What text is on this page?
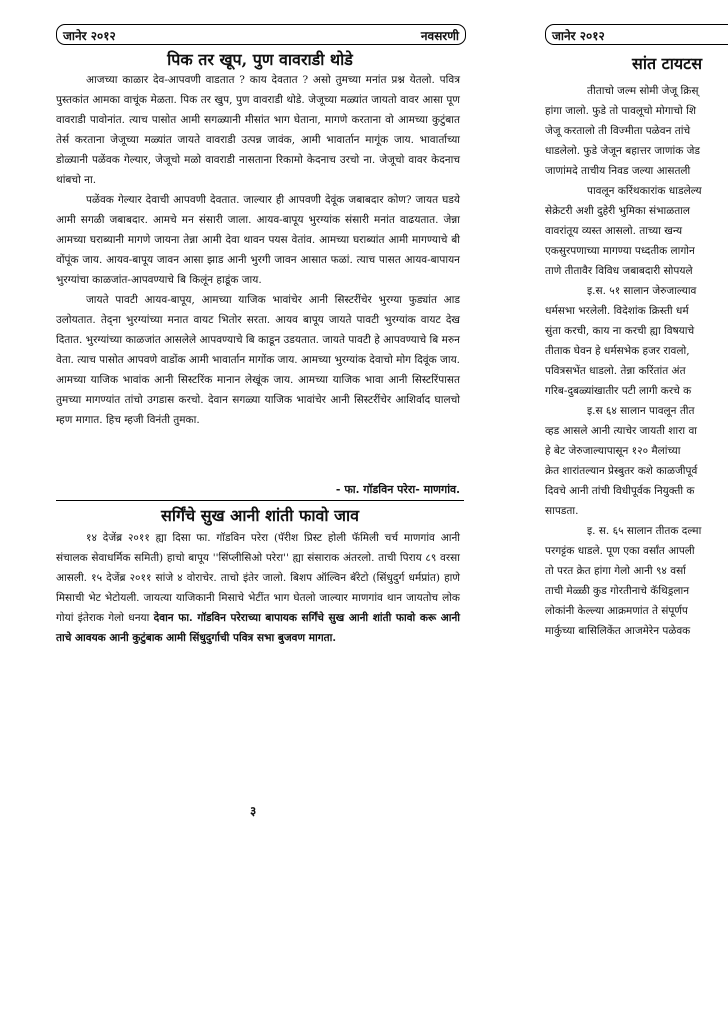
जानेर २०१२	नवसरणी
पिक तर खूप, पुण वावराडी थोडे

आजच्या काळार देव-आपवणी वाडतात ? काय देवतात ? असो तुमच्या मनांत प्रश्न येतलो. पवित्र पुस्तकांत आमका वाचूंक मेळता. पिक तर खुप, पुण वावराडी थोडे. जेजूच्या मळ्यांत जायतो वावर आसा पूण वावराडी पावोनांत. त्याच पासोत आमी सगळ्यानी मीसांत भाग घेताना, मागणे करताना वो आमच्या कुटुंबात तेर्स करताना जेजूच्या मळ्यांत जायते वावराडी उत्पन्न जावंक, आमी भावार्तान मागूंक जाय. भावार्ताच्या डोळ्यानी पळेंवक गेल्यार, जेजूचो मळो वावराडी नासताना रिकामो केदनाच उरचो ना. जेजूचो वावर केदनाच थांबचो ना.

पळेंवक गेल्यार देवाची आपवणी देवतात. जाल्यार ही आपवणी देवूंक जबाबदार कोण? जायत घडये आमी सगळी जबाबदार. आमचे मन संसारी जाला. आयव-बापूय भुरग्यांक संसारी मनांत वाढयतात. जेन्ना आमच्या घराब्यानी मागणे जायना तेन्ना आमी देवा थावन पयस वेतांव. आमच्या घराब्यांत आमी मागण्याचे बी वोंपूंक जाय. आयव-बापूय जावन आसा झाड आनी भुरगी जावन आसात फळां. त्याच पासत आयव-बापायन भुरग्यांचा काळजांत-आपवण्याचे बि किलूंन हाडूंक जाय.

जायते पावटी आयव-बापूय, आमच्या याजिक भावांचेर आनी सिस्टरींचेर भुरग्या फुड्यांत आड उलोयतात. तेद्ना भुरग्यांच्या मनात वायट भितोर सरता. आयव बापूय जायते पावटी भुरग्यांक वायट देख दितात. भुरग्यांच्या काळजांत आसलेले आपवण्याचे बि काडून उडयतात. जायते पावटी हे आपवण्याचे बि मरुन वेता. त्याच पासोत आपवणे वाडोंक आमी भावार्तान मागोंक जाय. आमच्या भुरग्यांक देवाचो मोग दिवूंक जाय. आमच्या याजिक भावांक आनी सिस्टरिंक मानान लेखूंक जाय. आमच्या याजिक भावा आनी सिस्टरिंपासत तुमच्या मागण्यांत तांचो उगडास करचो. देवान सगळ्या याजिक भावांचेर आनी सिस्टरींचेर आशिर्वाद घालचो म्हण मागात. हिच म्हजी विनंती तुमका.

- फा. गॉडविन परेरा- माणगांव.
सर्गिंचे सुख आनी शांती फावो जाव

१४ देजेंब्र २०११ ह्या दिसा फा. गॉडविन परेरा (पॅरीश प्रिस्ट होली फॅमिली चर्च माणगांव आनी संचालक सेवाधर्मिक समिती) हाचो बापूय ''सिंप्लीसिओ परेरा'' ह्या संसाराक अंतरलो. ताची पिराय ८९ वरसा आसली. १५ देजेंब्र २०११ सांजे ४ वोराचेर. ताचो इंतेर जालो. बिशप ऑल्विन बॅरेटो (सिंधुदुर्ग धर्मप्रांत) हाणे मिसाची भेट भेटोयली. जायत्या याजिकानी मिसाचे भेटींत भाग घेतलो जाल्यार माणगांव थान जायतोच लोक गोयां इंतेराक गेलो धनया देवान फा. गॉडविन परेराच्या बापायक सर्गिंचे सुख आनी शांती फावो करू आनी ताचे आवयक आनी कुटुंबाक आमी सिंधुदुर्गाची पवित्र सभा बुजवण मागता.

३
जानेर २०१२
सांत टायटस
तीताचो जल्म सोमी जेजू क्रिस्
हांगा जालो. फुडे तो पावलूचो मोगाचो शि
जेजू करतालो ती विज्मीता पळेवन तांचे
धाडलेलो. फुडे जेजून बहात्तर जाणांक जेड
जाणांमदे ताचीय निवड जल्या आसतली
पावलून करिंथकारांक धाडलेल्य
सेक्रेटरी अशी दुहेरी भुमिका संभाळताल
वावरांतूय व्यस्त आसलो. ताच्या खन्य
एकसुरपणाच्या मागण्या पध्दतीक लागोन
ताणे तीतावैर विविध जबाबदारी सोपयले
इ.स. ५१ सालान जेरुजाल्याव
धर्मसभा भरलेली. विदेशांक क्रिस्ती धर्म
सुंता करची, काय ना करची ह्या विषयाचे
तीताक घेवन हे धर्मसभेक हजर रावलो,
पवित्रसभेंत धाडलो. तेन्ना करिंतांत अंत
गरिब-दुबळ्यांखातीर पटी लागी करचे क
इ.स ६४ सालान पावलून तीत
व्हड आसले आनी त्याचेर जायती शारा वा
हे बेट जेरुजाल्यापासून १२० मैलांच्या
क्रेत शारांतल्यान प्रेस्बुतर कशे काळजीपूर्व
दिवचे आनी तांची विधीपूर्वक नियुक्ती क
सापडता.
इ. स. ६५ सालान तीतक दल्मा
परगट्टंक धाडले. पूण एका वर्सांत आपली
तो परत क्रेत हांगा गेलो आनी ९४ वर्सा
ताची मेळ्ळी कुड गोरतीनाचे कॅथिड्रलान
लोकांनी केल्ल्या आक्रमणांत ते संपूर्णप
मार्कुच्या बासिलिकेंत आजमेरेन पळेवक
